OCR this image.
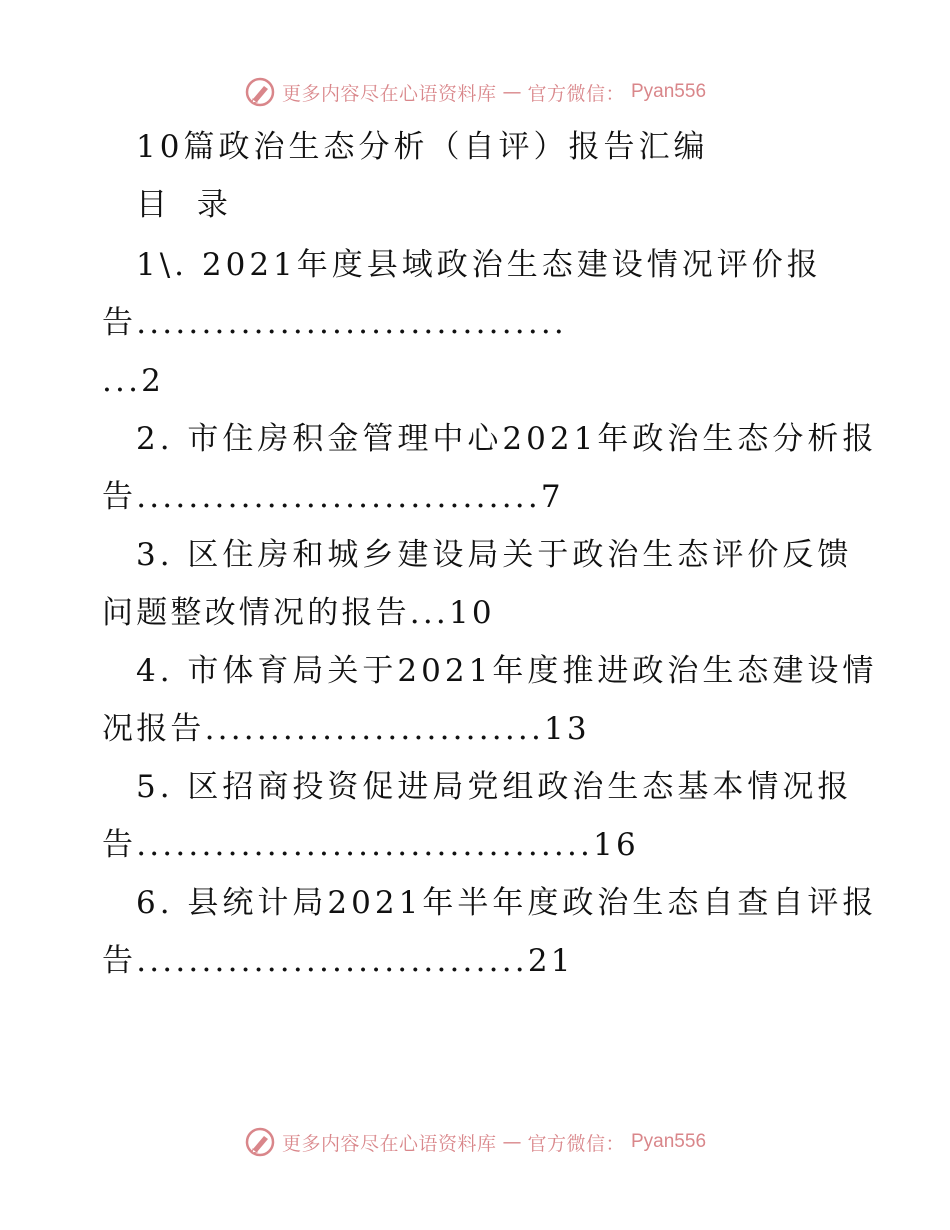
更多内容尽在心语资料库 — 官方微信： Pyan556
10篇政治生态分析（自评）报告汇编
目 录
1\. 2021年度县域政治生态建设情况评价报
告.................................
...2
2. 市住房积金管理中心2021年政治生态分析报
告...............................7
3. 区住房和城乡建设局关于政治生态评价反馈
问题整改情况的报告...10
4. 市体育局关于2021年度推进政治生态建设情
况报告..........................13
5. 区招商投资促进局党组政治生态基本情况报
告...................................16
6. 县统计局2021年半年度政治生态自查自评报
告..............................21
更多内容尽在心语资料库 — 官方微信： Pyan556
